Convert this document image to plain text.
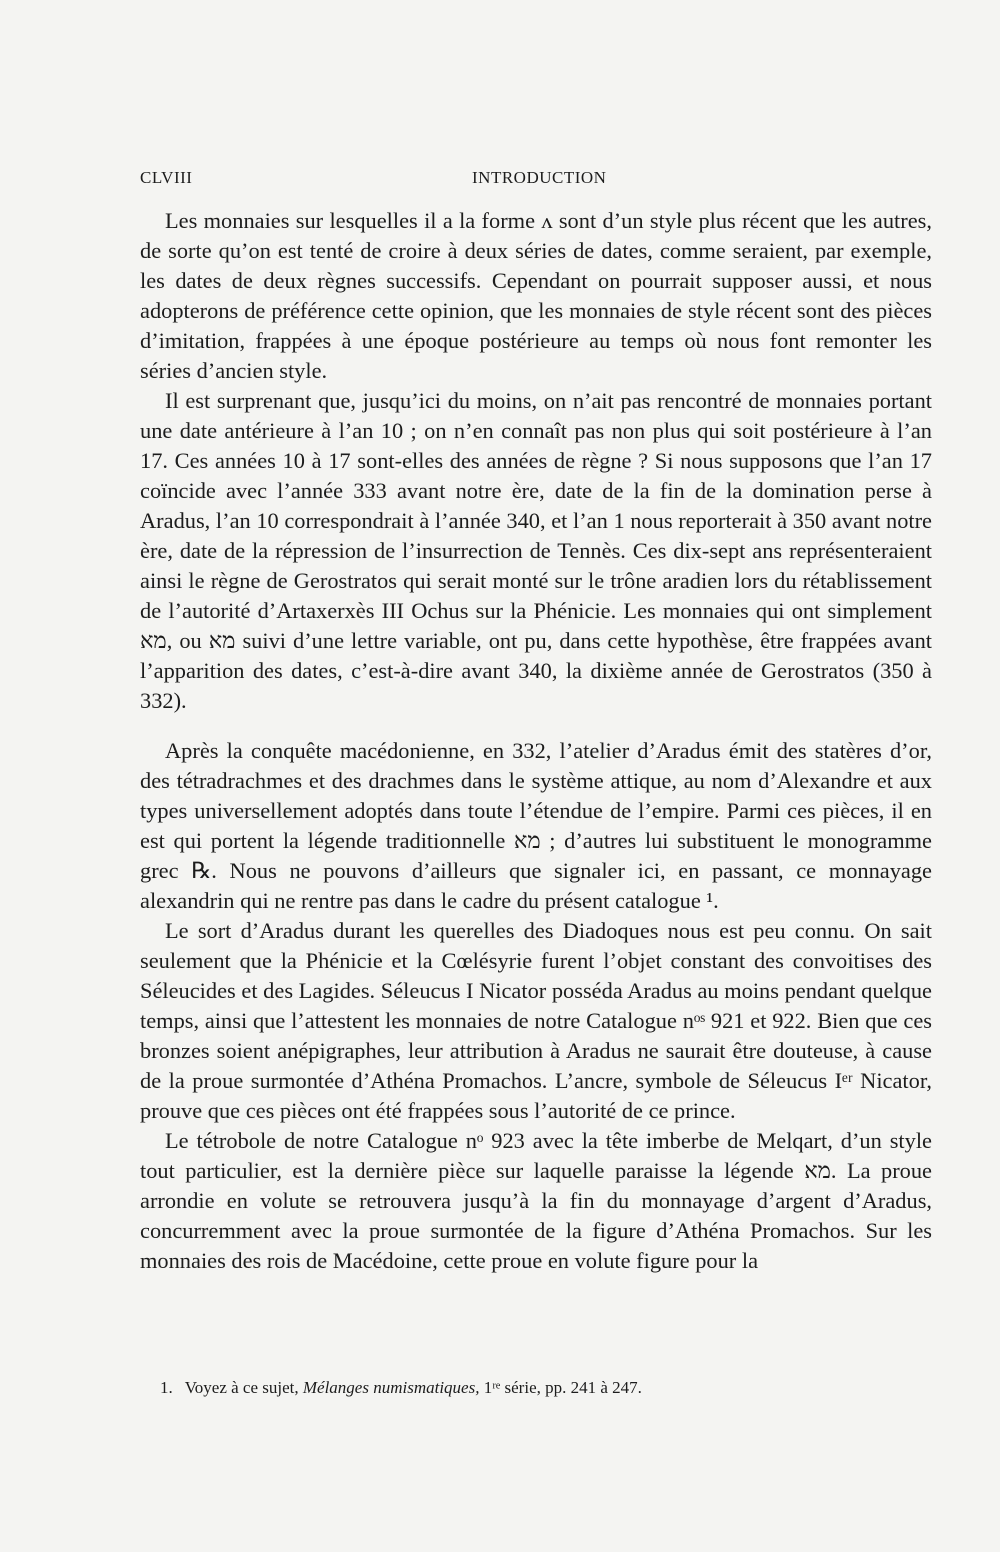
CLVIII	INTRODUCTION

Les monnaies sur lesquelles il a la forme ʌ sont d’un style plus récent que les autres, de sorte qu’on est tenté de croire à deux séries de dates, comme seraient, par exemple, les dates de deux règnes successifs. Cependant on pourrait supposer aussi, et nous adopterons de préférence cette opinion, que les monnaies de style récent sont des pièces d’imitation, frappées à une époque postérieure au temps où nous font remonter les séries d’ancien style.

Il est surprenant que, jusqu’ici du moins, on n’ait pas rencontré de monnaies portant une date antérieure à l’an 10 ; on n’en connaît pas non plus qui soit postérieure à l’an 17. Ces années 10 à 17 sont-elles des années de règne ? Si nous supposons que l’an 17 coïncide avec l’année 333 avant notre ère, date de la fin de la domination perse à Aradus, l’an 10 correspondrait à l’année 340, et l’an 1 nous reporterait à 350 avant notre ère, date de la répression de l’insurrection de Tennès. Ces dix-sept ans représenteraient ainsi le règne de Gerostratos qui serait monté sur le trône aradien lors du rétablissement de l’autorité d’Artaxerxès III Ochus sur la Phénicie. Les monnaies qui ont simplement מא, ou מא suivi d’une lettre variable, ont pu, dans cette hypothèse, être frappées avant l’apparition des dates, c’est-à-dire avant 340, la dixième année de Gerostratos (350 à 332).

Après la conquête macédonienne, en 332, l’atelier d’Aradus émit des statères d’or, des tétradrachmes et des drachmes dans le système attique, au nom d’Alexandre et aux types universellement adoptés dans toute l’étendue de l’empire. Parmi ces pièces, il en est qui portent la légende traditionnelle מא ; d’autres lui substituent le monogramme grec ℞. Nous ne pouvons d’ailleurs que signaler ici, en passant, ce monnayage alexandrin qui ne rentre pas dans le cadre du présent catalogue ¹.

Le sort d’Aradus durant les querelles des Diadoques nous est peu connu. On sait seulement que la Phénicie et la Cœlésyrie furent l’objet constant des convoitises des Séleucides et des Lagides. Séleucus I Nicator posséda Aradus au moins pendant quelque temps, ainsi que l’attestent les monnaies de notre Catalogue nᵒˢ 921 et 922. Bien que ces bronzes soient anépigraphes, leur attribution à Aradus ne saurait être douteuse, à cause de la proue surmontée d’Athéna Promachos. L’ancre, symbole de Séleucus Iᵉʳ Nicator, prouve que ces pièces ont été frappées sous l’autorité de ce prince.

Le tétrobole de notre Catalogue nᵒ 923 avec la tête imberbe de Melqart, d’un style tout particulier, est la dernière pièce sur laquelle paraisse la légende מא. La proue arrondie en volute se retrouvera jusqu’à la fin du monnayage d’argent d’Aradus, concurremment avec la proue surmontée de la figure d’Athéna Promachos. Sur les monnaies des rois de Macédoine, cette proue en volute figure pour la

1. Voyez à ce sujet, Mélanges numismatiques, 1ʳᵉ série, pp. 241 à 247.
